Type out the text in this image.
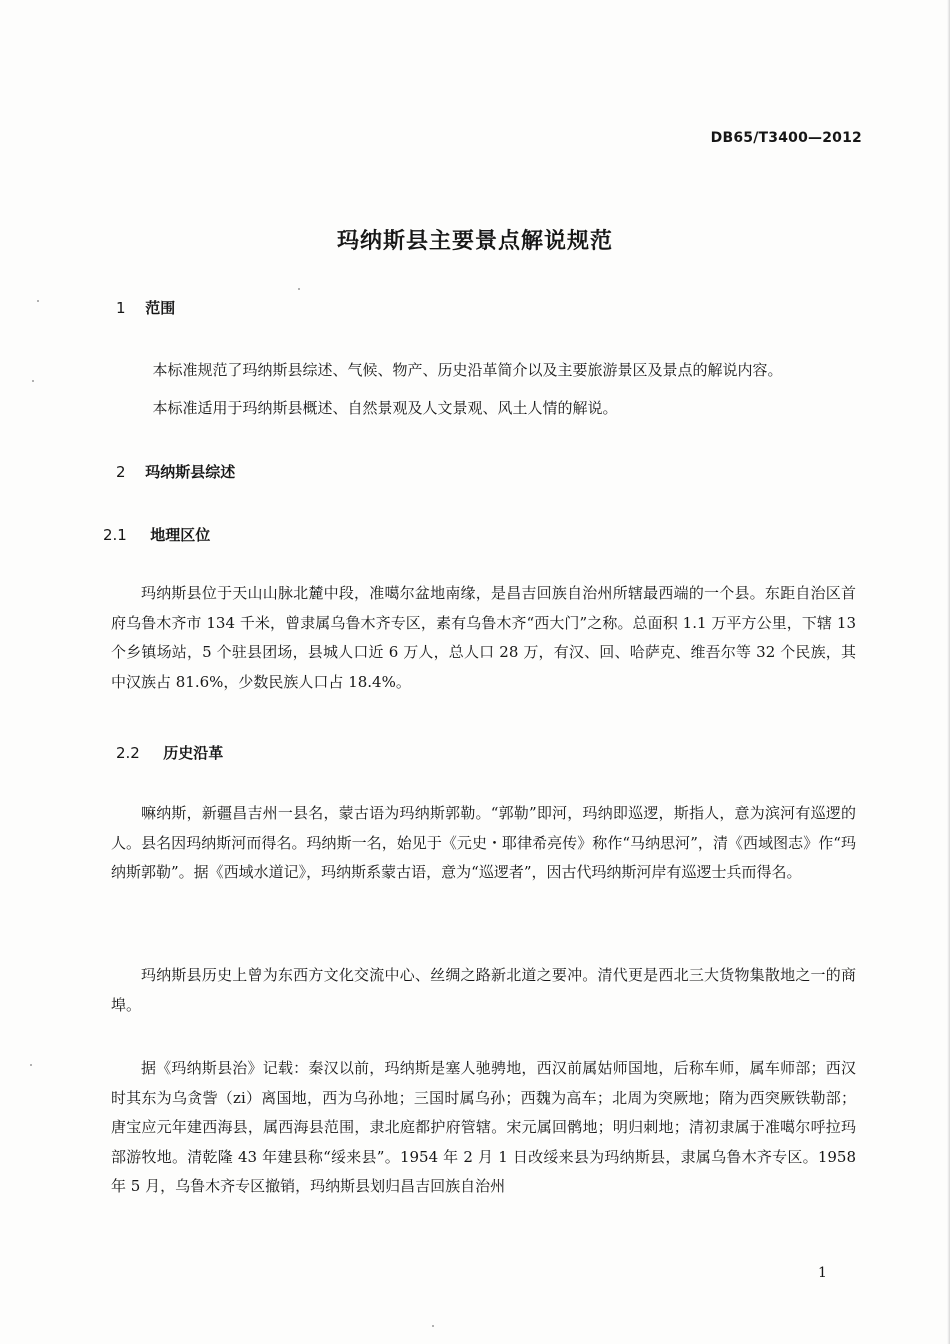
DB65/T3400—2012
玛纳斯县主要景点解说规范
1 范围

本标准规范了玛纳斯县综述、气候、物产、历史沿革简介以及主要旅游景区及景点的解说内容。

本标准适用于玛纳斯县概述、自然景观及人文景观、风土人情的解说。

2 玛纳斯县综述
2.1 地理区位

玛纳斯县位于天山山脉北麓中段，准噶尔盆地南缘，是昌吉回族自治州所辖最西端的一个县。东距自治区首府乌鲁木齐市 134 千米，曾隶属乌鲁木齐专区，素有乌鲁木齐“西大门”之称。总面积 1.1 万平方公里，下辖 13 个乡镇场站，5 个驻县团场，县城人口近 6 万人，总人口 28 万，有汉、回、哈萨克、维吾尔等 32 个民族，其中汉族占 81.6%，少数民族人口占 18.4%。

2.2 历史沿革

嘛纳斯，新疆昌吉州一县名，蒙古语为玛纳斯郭勒。“郭勒”即河，玛纳即巡逻，斯指人，意为滨河有巡逻的人。县名因玛纳斯河而得名。玛纳斯一名，始见于《元史・耶律希亮传》称作“马纳思河”，清《西域图志》作“玛纳斯郭勒”。据《西域水道记》，玛纳斯系蒙古语，意为“巡逻者”，因古代玛纳斯河岸有巡逻士兵而得名。

玛纳斯县历史上曾为东西方文化交流中心、丝绸之路新北道之要冲。清代更是西北三大货物集散地之一的商埠。

据《玛纳斯县治》记载：秦汉以前，玛纳斯是塞人驰骋地，西汉前属姑师国地，后称车师，属车师部；西汉时其东为乌贪訾（zi）离国地，西为乌孙地；三国时属乌孙；西魏为高车；北周为突厥地；隋为西突厥铁勒部；唐宝应元年建西海县，属西海县范围，隶北庭都护府管辖。宋元属回鹘地；明归刺地；清初隶属于准噶尔呼拉玛部游牧地。清乾隆 43 年建县称“绥来县”。1954 年 2 月 1 日改绥来县为玛纳斯县，隶属乌鲁木齐专区。1958 年 5 月，乌鲁木齐专区撤销，玛纳斯县划归昌吉回族自治州

1
